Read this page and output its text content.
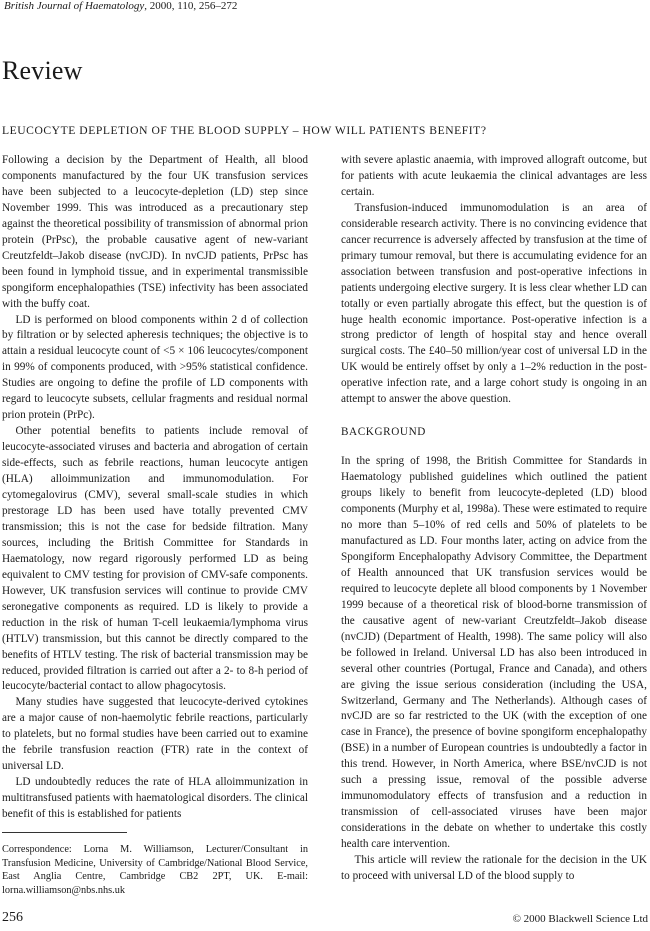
British Journal of Haematology, 2000, 110, 256–272
Review
LEUCOCYTE DEPLETION OF THE BLOOD SUPPLY – HOW WILL PATIENTS BENEFIT?

Following a decision by the Department of Health, all blood components manufactured by the four UK transfusion services have been subjected to a leucocyte-depletion (LD) step since November 1999. This was introduced as a precautionary step against the theoretical possibility of transmission of abnormal prion protein (PrPsc), the probable causative agent of new-variant Creutzfeldt–Jakob disease (nvCJD). In nvCJD patients, PrPsc has been found in lymphoid tissue, and in experimental transmissible spongiform encephalopathies (TSE) infectivity has been associated with the buffy coat.

LD is performed on blood components within 2 d of collection by filtration or by selected apheresis techniques; the objective is to attain a residual leucocyte count of <5 × 106 leucocytes/component in 99% of components produced, with >95% statistical confidence. Studies are ongoing to define the profile of LD components with regard to leucocyte subsets, cellular fragments and residual normal prion protein (PrPc).

Other potential benefits to patients include removal of leucocyte-associated viruses and bacteria and abrogation of certain side-effects, such as febrile reactions, human leucocyte antigen (HLA) alloimmunization and immunomodulation. For cytomegalovirus (CMV), several small-scale studies in which prestorage LD has been used have totally prevented CMV transmission; this is not the case for bedside filtration. Many sources, including the British Committee for Standards in Haematology, now regard rigorously performed LD as being equivalent to CMV testing for provision of CMV-safe components. However, UK transfusion services will continue to provide CMV seronegative components as required. LD is likely to provide a reduction in the risk of human T-cell leukaemia/lymphoma virus (HTLV) transmission, but this cannot be directly compared to the benefits of HTLV testing. The risk of bacterial transmission may be reduced, provided filtration is carried out after a 2- to 8-h period of leucocyte/bacterial contact to allow phagocytosis.

Many studies have suggested that leucocyte-derived cytokines are a major cause of non-haemolytic febrile reactions, particularly to platelets, but no formal studies have been carried out to examine the febrile transfusion reaction (FTR) rate in the context of universal LD.

LD undoubtedly reduces the rate of HLA alloimmunization in multitransfused patients with haematological disorders. The clinical benefit of this is established for patients

with severe aplastic anaemia, with improved allograft outcome, but for patients with acute leukaemia the clinical advantages are less certain.

Transfusion-induced immunomodulation is an area of considerable research activity. There is no convincing evidence that cancer recurrence is adversely affected by transfusion at the time of primary tumour removal, but there is accumulating evidence for an association between transfusion and post-operative infections in patients undergoing elective surgery. It is less clear whether LD can totally or even partially abrogate this effect, but the question is of huge health economic importance. Post-operative infection is a strong predictor of length of hospital stay and hence overall surgical costs. The £40–50 million/year cost of universal LD in the UK would be entirely offset by only a 1–2% reduction in the post-operative infection rate, and a large cohort study is ongoing in an attempt to answer the above question.

BACKGROUND

In the spring of 1998, the British Committee for Standards in Haematology published guidelines which outlined the patient groups likely to benefit from leucocyte-depleted (LD) blood components (Murphy et al, 1998a). These were estimated to require no more than 5–10% of red cells and 50% of platelets to be manufactured as LD. Four months later, acting on advice from the Spongiform Encephalopathy Advisory Committee, the Department of Health announced that UK transfusion services would be required to leucocyte deplete all blood components by 1 November 1999 because of a theoretical risk of blood-borne transmission of the causative agent of new-variant Creutzfeldt–Jakob disease (nvCJD) (Department of Health, 1998). The same policy will also be followed in Ireland. Universal LD has also been introduced in several other countries (Portugal, France and Canada), and others are giving the issue serious consideration (including the USA, Switzerland, Germany and The Netherlands). Although cases of nvCJD are so far restricted to the UK (with the exception of one case in France), the presence of bovine spongiform encephalopathy (BSE) in a number of European countries is undoubtedly a factor in this trend. However, in North America, where BSE/nvCJD is not such a pressing issue, removal of the possible adverse immunomodulatory effects of transfusion and a reduction in transmission of cell-associated viruses have been major considerations in the debate on whether to undertake this costly health care intervention.

This article will review the rationale for the decision in the UK to proceed with universal LD of the blood supply to

Correspondence: Lorna M. Williamson, Lecturer/Consultant in Transfusion Medicine, University of Cambridge/National Blood Service, East Anglia Centre, Cambridge CB2 2PT, UK. E-mail: lorna.williamson@nbs.nhs.uk
256	© 2000 Blackwell Science Ltd
